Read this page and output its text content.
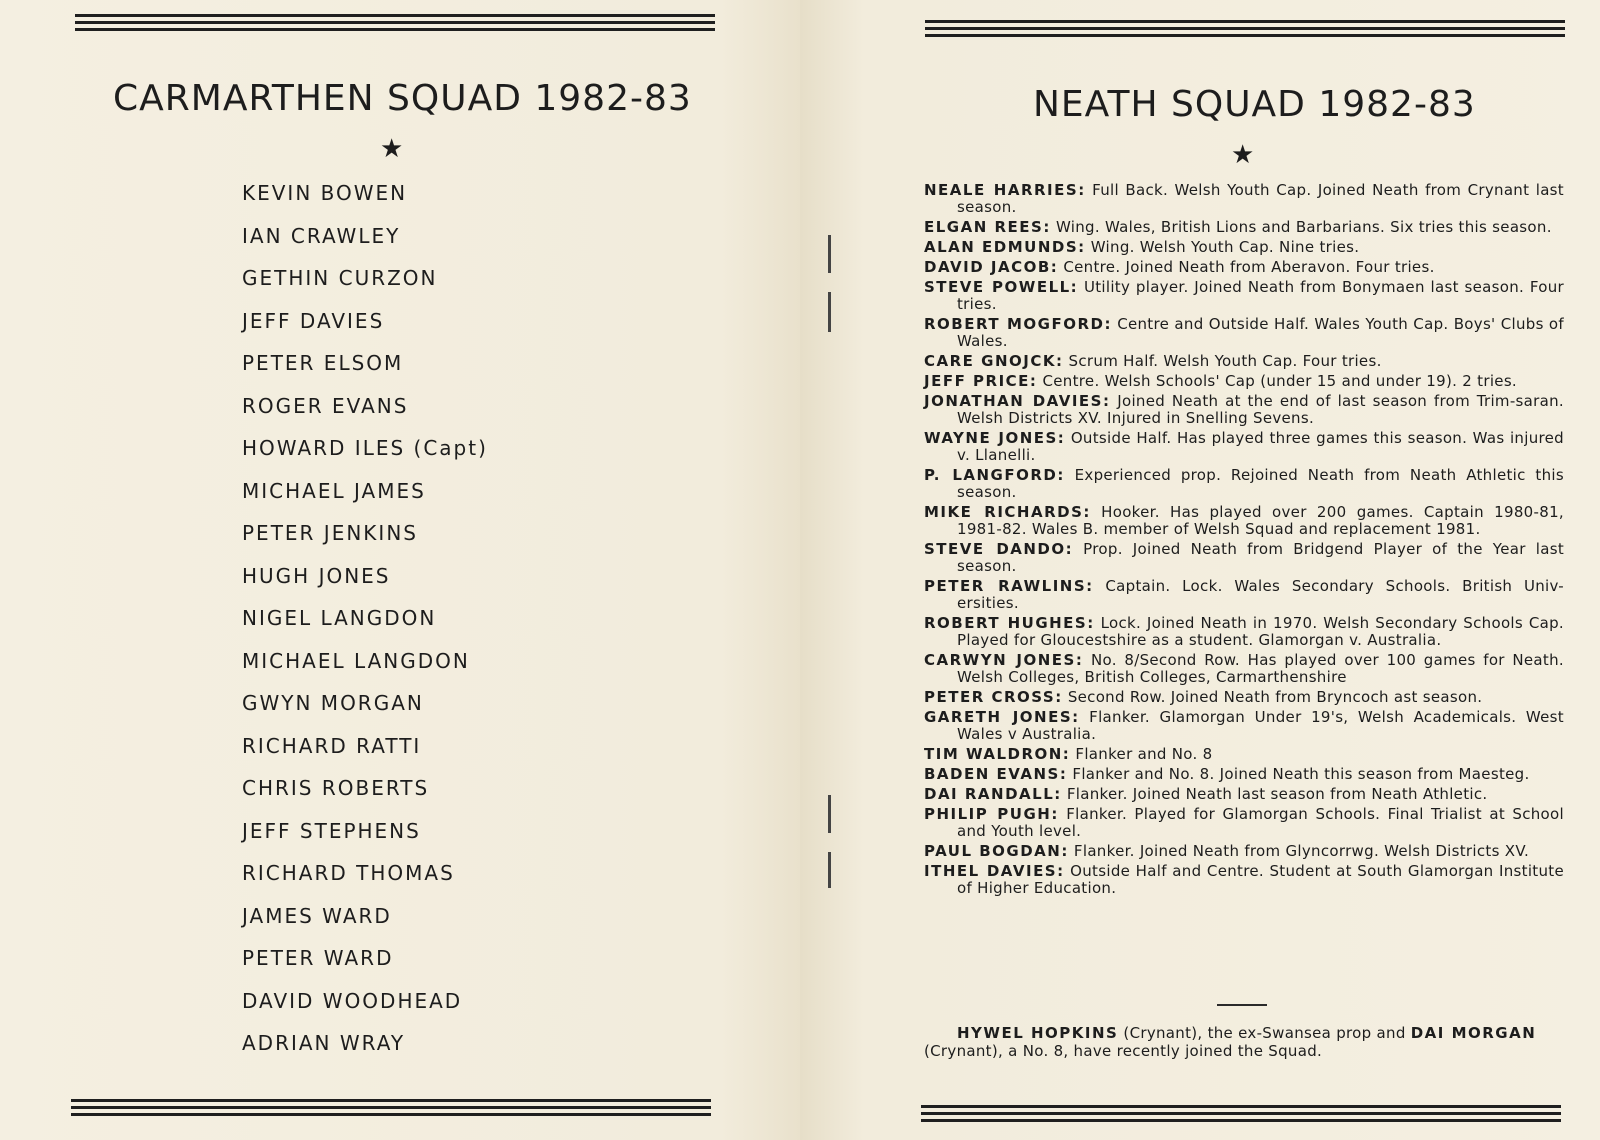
CARMARTHEN SQUAD 1982-83
★
KEVIN BOWEN
IAN CRAWLEY
GETHIN CURZON
JEFF DAVIES
PETER ELSOM
ROGER EVANS
HOWARD ILES (Capt)
MICHAEL JAMES
PETER JENKINS
HUGH JONES
NIGEL LANGDON
MICHAEL LANGDON
GWYN MORGAN
RICHARD RATTI
CHRIS ROBERTS
JEFF STEPHENS
RICHARD THOMAS
JAMES WARD
PETER WARD
DAVID WOODHEAD
ADRIAN WRAY
NEATH SQUAD 1982-83
★
NEALE HARRIES: Full Back. Welsh Youth Cap. Joined Neath from Crynant last season.
ELGAN REES: Wing. Wales, British Lions and Barbarians. Six tries this season.
ALAN EDMUNDS: Wing. Welsh Youth Cap. Nine tries.
DAVID JACOB: Centre. Joined Neath from Aberavon. Four tries.
STEVE POWELL: Utility player. Joined Neath from Bonymaen last season. Four tries.
ROBERT MOGFORD: Centre and Outside Half. Wales Youth Cap. Boys' Clubs of Wales.
CARE GNOJCK: Scrum Half. Welsh Youth Cap. Four tries.
JEFF PRICE: Centre. Welsh Schools' Cap (under 15 and under 19). 2 tries.
JONATHAN DAVIES: Joined Neath at the end of last season from Trim-saran. Welsh Districts XV. Injured in Snelling Sevens.
WAYNE JONES: Outside Half. Has played three games this season. Was injured v. Llanelli.
P. LANGFORD: Experienced prop. Rejoined Neath from Neath Athletic this season.
MIKE RICHARDS: Hooker. Has played over 200 games. Captain 1980-81, 1981-82. Wales B. member of Welsh Squad and replacement 1981.
STEVE DANDO: Prop. Joined Neath from Bridgend Player of the Year last season.
PETER RAWLINS: Captain. Lock. Wales Secondary Schools. British Univ-ersities.
ROBERT HUGHES: Lock. Joined Neath in 1970. Welsh Secondary Schools Cap. Played for Gloucestshire as a student. Glamorgan v. Australia.
CARWYN JONES: No. 8/Second Row. Has played over 100 games for Neath. Welsh Colleges, British Colleges, Carmarthenshire
PETER CROSS: Second Row. Joined Neath from Bryncoch ast season.
GARETH JONES: Flanker. Glamorgan Under 19's, Welsh Academicals. West Wales v Australia.
TIM WALDRON: Flanker and No. 8
BADEN EVANS: Flanker and No. 8. Joined Neath this season from Maesteg.
DAI RANDALL: Flanker. Joined Neath last season from Neath Athletic.
PHILIP PUGH: Flanker. Played for Glamorgan Schools. Final Trialist at School and Youth level.
PAUL BOGDAN: Flanker. Joined Neath from Glyncorrwg. Welsh Districts XV.
ITHEL DAVIES: Outside Half and Centre. Student at South Glamorgan Institute of Higher Education.
HYWEL HOPKINS (Crynant), the ex-Swansea prop and DAI MORGAN (Crynant), a No. 8, have recently joined the Squad.
